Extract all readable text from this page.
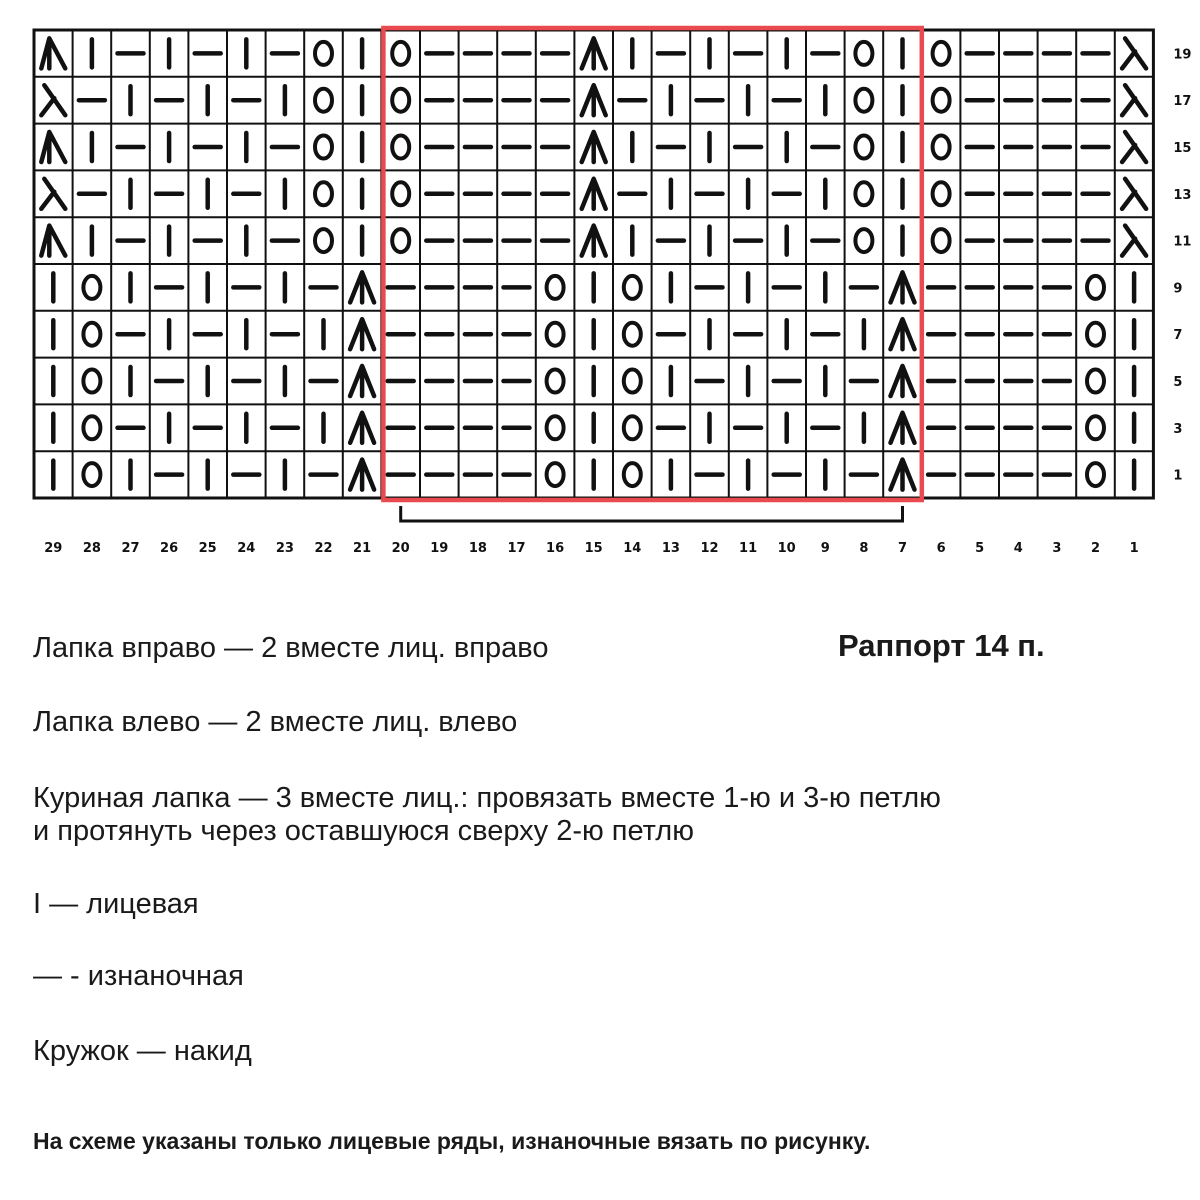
29 28 27 26 25 24 23 22 21 20 19 18 17 16 15 14 13 12 11 10 9 8 7 6 5 4 3 2 1
19
17
15
13
11
9
7
5
3
1
Раппорт 14 п.
Лапка вправо — 2 вместе лиц. вправо
Лапка влево — 2 вместе лиц. влево
Куриная лапка — 3 вместе лиц.: провязать вместе 1-ю и 3-ю петлю
и протянуть через оставшуюся сверху 2-ю петлю
I — лицевая
— - изнаночная
Кружок — накид
На схеме указаны только лицевые ряды, изнаночные вязать по рисунку.
